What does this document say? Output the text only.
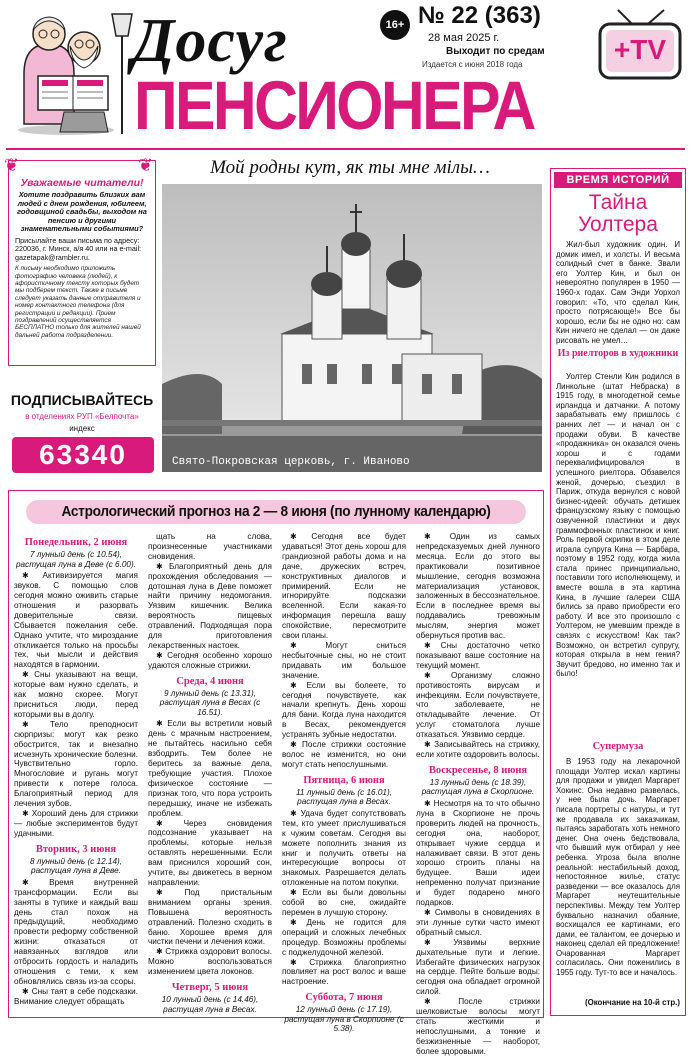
Досуг	16+ № 22 (363)
28 мая 2025 г.
Выходит по средам
Издается с июня 2018 года	+TV
ПЕНСИОНЕРА
Уважаемые читатели!
Хотите поздравить близких вам людей с днем рождения, юбилеем, годовщиной свадьбы, выходом на пенсию и другими знаменательными событиями?
Присылайте ваши письма по адресу: 220036, г. Минск, а/я 40 или на e-mail: gazetapak@rambler.ru.
К письму необходимо приложить фотографию человека (людей), к афористичному тексту которых будет мы подберем текст. Также в письме следует указать данные отправителя и номер контактного телефона (для регистрации и редакции). Прием поздравлений осуществляется БЕСПЛАТНО только для жителей нашей дальней работа подразделении.
❦	❦
ПОДПИСЫВАЙТЕСЬ
в отделениях РУП «Белпочта»
индекс
63340
Мой родны кут, як ты мне мілы…
Свято-Покровская церковь, г. Иваново
ВРЕМЯ ИСТОРИЙ
Тайна Уолтера
Жил-был художник один. И домик имел, и холсты. И весьма солидный счет в банке. Звали его Уолтер Кин, и был он невероятно популярен в 1950 — 1960-х годах. Сам Энди Уорхол говорил: «То, что сделал Кин, просто потрясающе!» Все бы хорошо, если бы не одно но: сам Кин ничего не сделал — он даже рисовать не умел…
Из риелторов в художники
Уолтер Стенли Кин родился в Линкольне (штат Небраска) в 1915 году, в многодетной семье ирландца и датчанки. А потому зарабатывать ему пришлось с ранних лет — и начал он с продажи обуви. В качестве «продажника» он оказался очень хорош и с годами переквалифицировался в успешного риелтора. Обзавелся женой, дочерью, съездил в Париж, откуда вернулся с новой бизнес-идеей: обучать детишек французскому языку с помощью озвученной пластинки и двух граммофонных пластинок и книг. Роль первой скрипки в этом деле играла супруга Кина — Барбара, поэтому в 1952 году, когда жила стала принес принципиально, поставили того исполняющему, и вместе вошла в эта картина Кина, в лучшие галереи США бились за право приобрести его работу. И все это произошло с Уолтером, не умевшим прежде в связях с искусством! Как так? Возможно, он встретил супругу, которая открыла в нем гения? Звучит бредово, но именно так и было!
Супермуза
В 1953 году на лекарочной площади Уолтер искал картины для продажи и увидел Маргарет Хокинс. Она недавно развелась, у нее была дочь. Маргарет писала портреты с натуры, и тут же продавала их заказчикам, пытаясь заработать хоть немного денег. Она очень бедствовала, что бывший муж отбирал у нее ребенка. Угроза была вполне реальной: нестабильный доход, непостоянное жилье, статус разведенки — все оказалось для Маргарет неутешительные перспективы. Между тем Уолтер буквально назначил обаяние, восхищался ее картинами, его дами, ее талантом, ее дочерью и наконец сделал ей предложение! Очарованная Маргарет согласилась. Они поженились в 1955 году. Тут-то все и началось.
(Окончание на 10-й стр.)
Астрологический прогноз на 2 — 8 июня (по лунному календарю)
Понедельник, 2 июня
7 лунный день (с 10.54), растущая луна в Деве (с 6.00).
✱ Активизируется магия звуков. С помощью слов сегодня можно оживить старые отношения и разорвать доверительные связи. Сбывается пожелания себе. Однако учтите, что мироздание откликается только на просьбы тех, чьи мысли и действия находятся в гармонии.
✱ Сны указывают на вещи, которые вам нужно сделать, и как можно скорее. Могут присниться люди, перед которыми вы в долгу.
✱ Тело преподносит сюрпризы: могут как резко обострится, так и внезапно исчезнуть хронические болезни. Чувствительно горло. Многословие и ругань могут привести к потере голоса. Благоприятный период для лечения зубов.
✱ Хороший день для стрижки — любые экспериментов будут удачными.
Вторник, 3 июня
8 лунный день (с 12.14), растущая луна в Деве.
✱ Время внутренней трансформации. Если вы заняты в тупике и каждый ваш день стал похож на предыдущий, необходимо провести реформу собственной жизни: отказаться от навязанных взглядов или отбросить гордость и наладить отношения с теми, к кем обновлялись связь из-за ссоры.
✱ Сны таят в себе подсказки. Внимание следует обращать
щать на слова, произнесенные участниками сновидения.
✱ Благоприятный день для прохождения обследования — дотошная луна в Деве поможет найти причину недомогания. Уязвим кишечник. Велика вероятность пищевых отравлений. Подходящая пора для приготовления лекарственных настоек.
✱ Сегодня особенно хорошо удаются сложные стрижки.
Среда, 4 июня
9 лунный день (с 13.31), растущая луна в Весах (с 16.51).
✱ Если вы встретили новый день с мрачным настроением, не пытайтесь насильно себя взбодрить. Тем более не беритесь за важные дела, требующие участия. Плохое физическое состояние — признак того, что пора устроить передышку, иначе не избежать проблем.
✱ Через сновидения подсознание указывает на проблемы, которые нельзя оставлять нерешенными. Если вам приснился хороший сон, учтите, вы движетесь в верном направлении.
✱ Под пристальным вниманием органы зрения. Повышена вероятность отравлений. Полезно сходить в баню. Хорошее время для чистки печени и лечения кожи.
✱ Стрижка оздоровит волосы. Можно воспользоваться изменением цвета локонов.
Четверг, 5 июня
10 лунный день (с 14.46), растущая луна в Весах.
✱ Сегодня все будет удаваться! Этот день хорош для грандиозной работы дома и на даче, дружеских встреч, конструктивных диалогов и примирений. Если не игнорируйте подсказки вселенной. Если какая-то информация перешла вашу спокойствие, пересмотрите свои планы.
✱ Могут сниться несбыточные сны, но не стоит придавать им большое значение.
✱ Если вы болеете, то сегодня почувствуете, как начали крепнуть. День хорош для бани. Когда луна находится в Весах, рекомендуется устранять зубные недостатки.
✱ После стрижки состояние волос не изменится, но они могут стать непослушными.
Пятница, 6 июня
11 лунный день (с 16.01), растущая луна в Весах.
✱ Удача будет сопутствовать тем, кто умеет прислушиваться к чужим советам. Сегодня вы можете пополнить знания из книг и получить ответы на интересующие вопросы от знакомых. Разрешается делать отложенные на потом покупки.
✱ Если вы были довольны собой во сне, ожидайте перемен в лучшую сторону.
✱ День не годится для операций и сложных лечебных процедур. Возможны проблемы с поджелудочной железой.
✱ Стрижка благоприятно повлияет на рост волос и ваше настроение.
Суббота, 7 июня
12 лунный день (с 17.19), растущая луна в Скорпионе (с 5.38).
✱ Один из самых непредсказуемых дней лунного месяца. Если до этого вы практиковали позитивное мышление, сегодня возможна материализация установок, заложенных в бессознательное. Если в последнее время вы поддавались тревожным мыслям, энергия может обернуться против вас.
✱ Сны достаточно четко показывают ваше состояние на текущий момент.
✱ Организму сложно противостоять вирусам и инфекциям. Если почувствуете, что заболеваете, не откладывайте лечение. От услуг стоматолога лучше отказаться. Уязвимо сердце.
✱ Записывайтесь на стрижку, если хотите оздоровить волосы.
Воскресенье, 8 июня
13 лунный день (с 18.39), растущая луна в Скорпионе.
✱ Несмотря на то что обычно луна в Скорпионе не прочь проверить людей на прочность, сегодня она, наоборот, открывает чужие сердца и налаживает связи. В этот день хорошо строить планы на будущее. Ваши идеи непременно получат признание и будет подарено много подарков.
✱ Символы в сновидениях в эти лунные сутки часто имеют обратный смысл.
✱ Уязвимы верхние дыхательные пути и легкие. Избегайте физических нагрузок на сердце. Пейте больше воды: сегодня она обладает огромной силой.
✱ После стрижки шелковистые волосы могут стать жесткими и непослушными, а тонкие и безжизненные — наоборот, более здоровыми.
